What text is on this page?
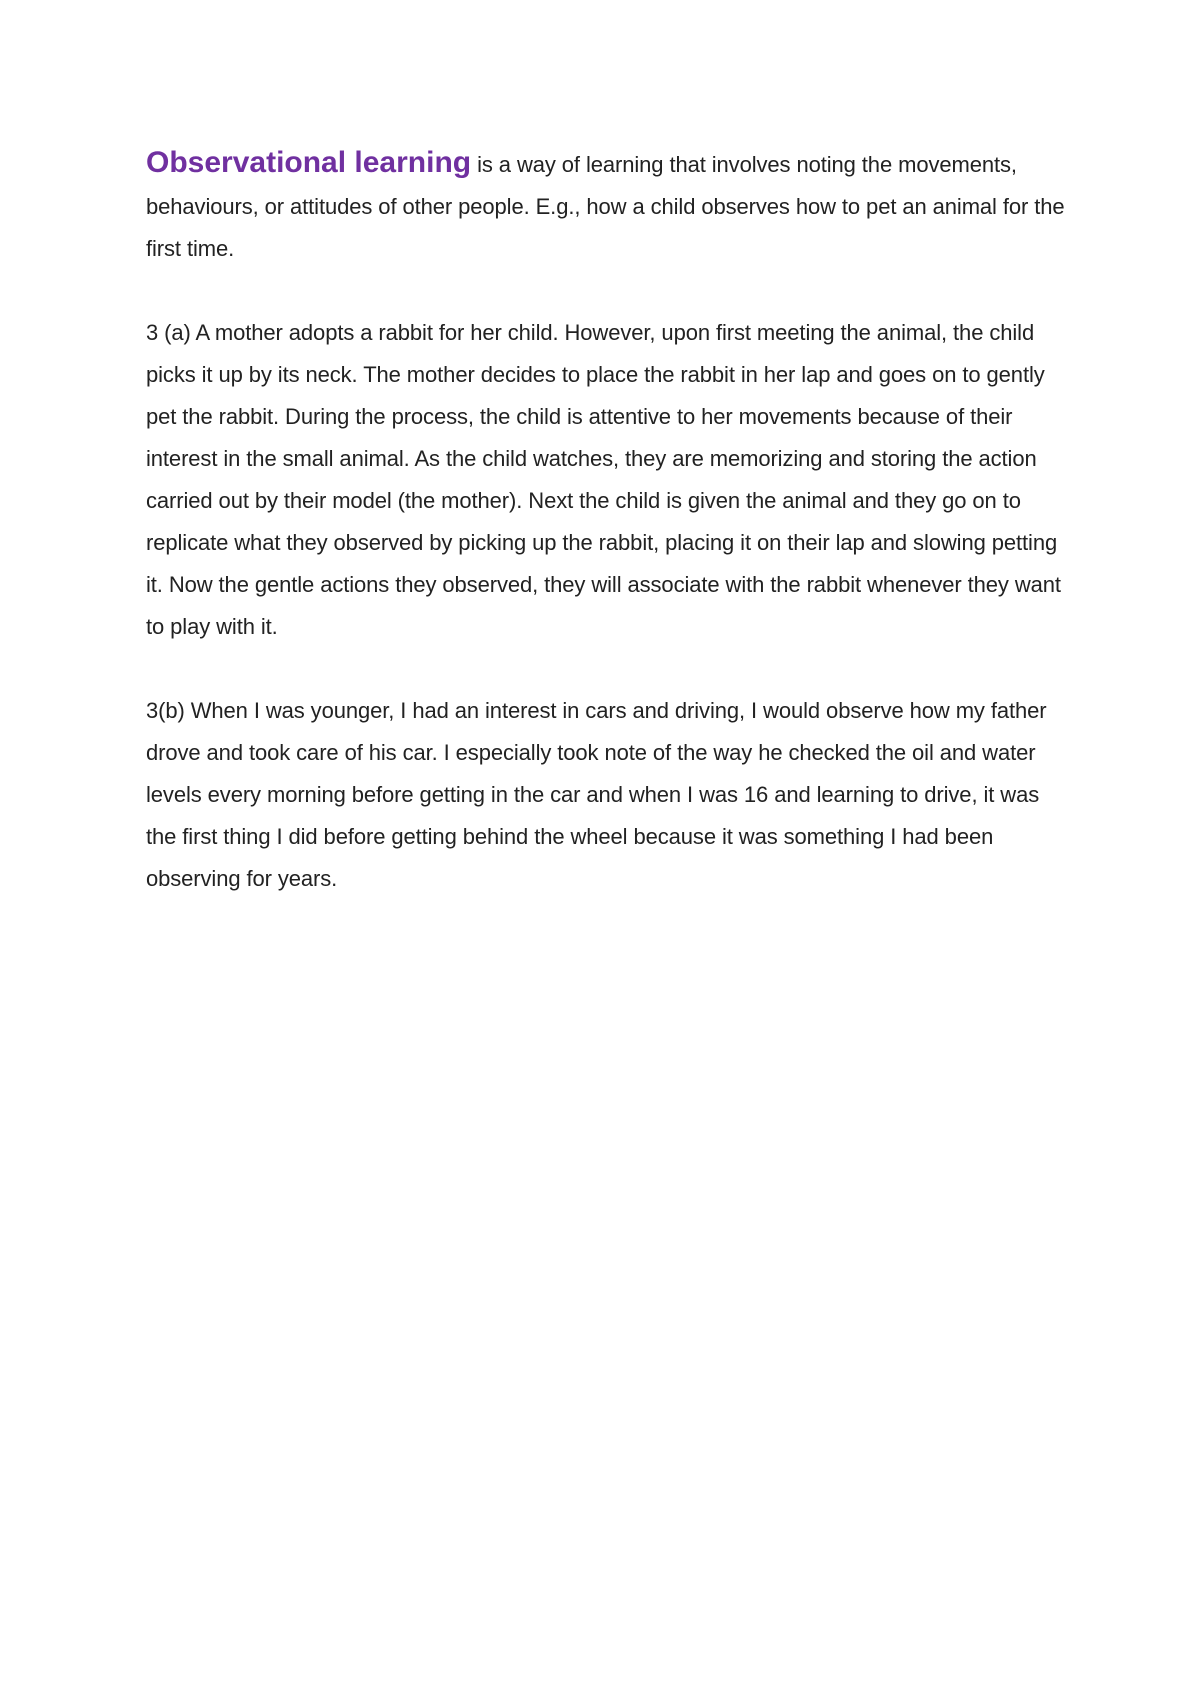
Observational learning is a way of learning that involves noting the movements, behaviours, or attitudes of other people. E.g., how a child observes how to pet an animal for the first time.

3 (a) A mother adopts a rabbit for her child. However, upon first meeting the animal, the child picks it up by its neck. The mother decides to place the rabbit in her lap and goes on to gently pet the rabbit. During the process, the child is attentive to her movements because of their interest in the small animal. As the child watches, they are memorizing and storing the action carried out by their model (the mother). Next the child is given the animal and they go on to replicate what they observed by picking up the rabbit, placing it on their lap and slowing petting it. Now the gentle actions they observed, they will associate with the rabbit whenever they want to play with it.

3(b) When I was younger, I had an interest in cars and driving, I would observe how my father drove and took care of his car. I especially took note of the way he checked the oil and water levels every morning before getting in the car and when I was 16 and learning to drive, it was the first thing I did before getting behind the wheel because it was something I had been observing for years.
